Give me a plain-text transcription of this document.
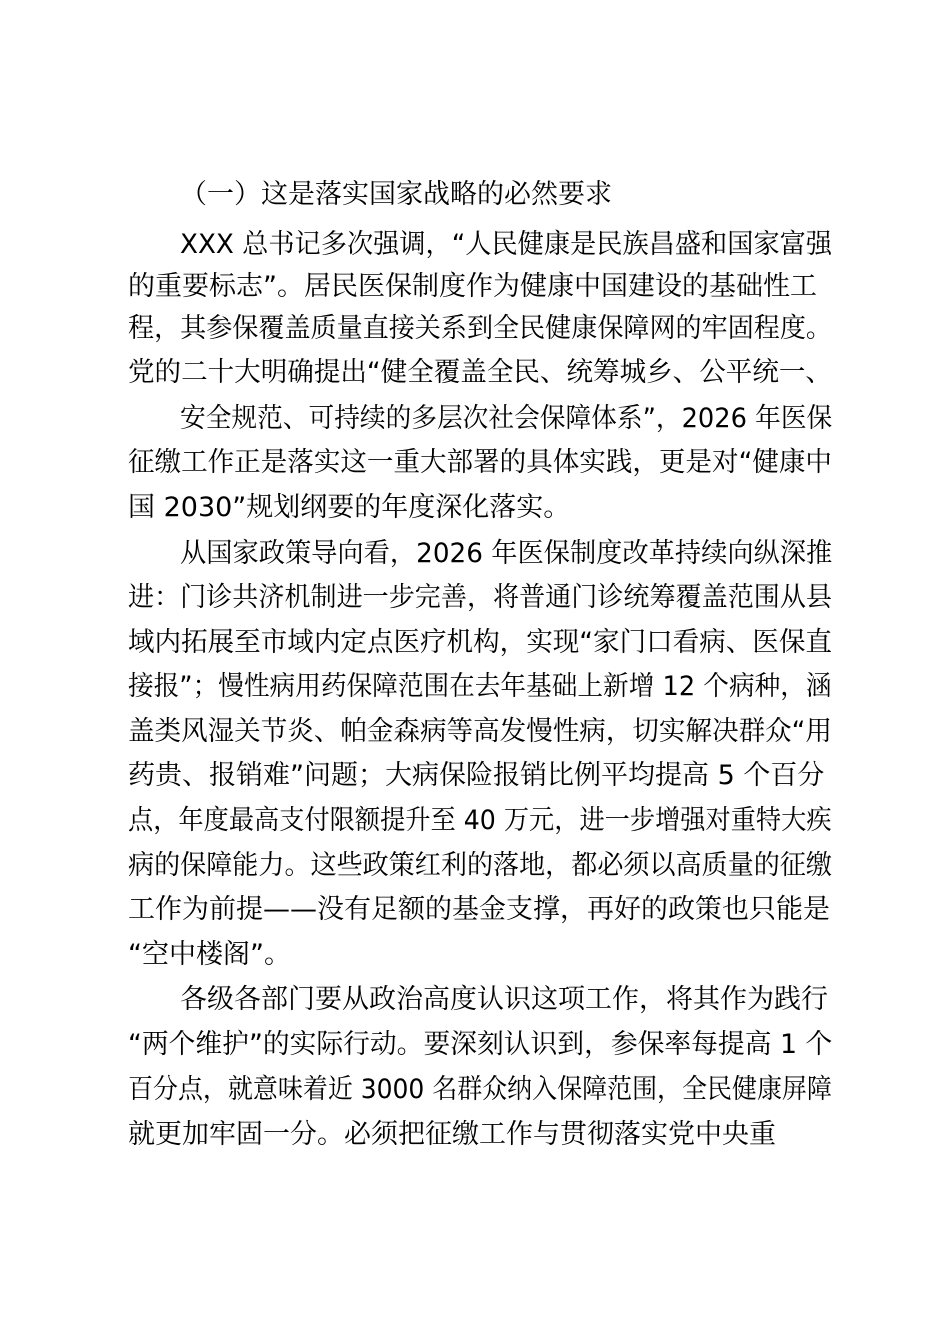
（一）这是落实国家战略的必然要求

XXX 总书记多次强调，“人民健康是民族昌盛和国家富强

的重要标志”。居民医保制度作为健康中国建设的基础性工

程，其参保覆盖质量直接关系到全民健康保障网的牢固程度。

党的二十大明确提出“健全覆盖全民、统筹城乡、公平统一、

安全规范、可持续的多层次社会保障体系”，2026 年医保

征缴工作正是落实这一重大部署的具体实践，更是对“健康中

国 2030”规划纲要的年度深化落实。

从国家政策导向看，2026 年医保制度改革持续向纵深推

进：门诊共济机制进一步完善，将普通门诊统筹覆盖范围从县

域内拓展至市域内定点医疗机构，实现“家门口看病、医保直

接报”；慢性病用药保障范围在去年基础上新增 12 个病种，涵

盖类风湿关节炎、帕金森病等高发慢性病，切实解决群众“用

药贵、报销难”问题；大病保险报销比例平均提高 5 个百分

点，年度最高支付限额提升至 40 万元，进一步增强对重特大疾

病的保障能力。这些政策红利的落地，都必须以高质量的征缴

工作为前提——没有足额的基金支撑，再好的政策也只能是

“空中楼阁”。

各级各部门要从政治高度认识这项工作，将其作为践行

“两个维护”的实际行动。要深刻认识到，参保率每提高 1 个

百分点，就意味着近 3000 名群众纳入保障范围，全民健康屏障

就更加牢固一分。必须把征缴工作与贯彻落实党中央重
